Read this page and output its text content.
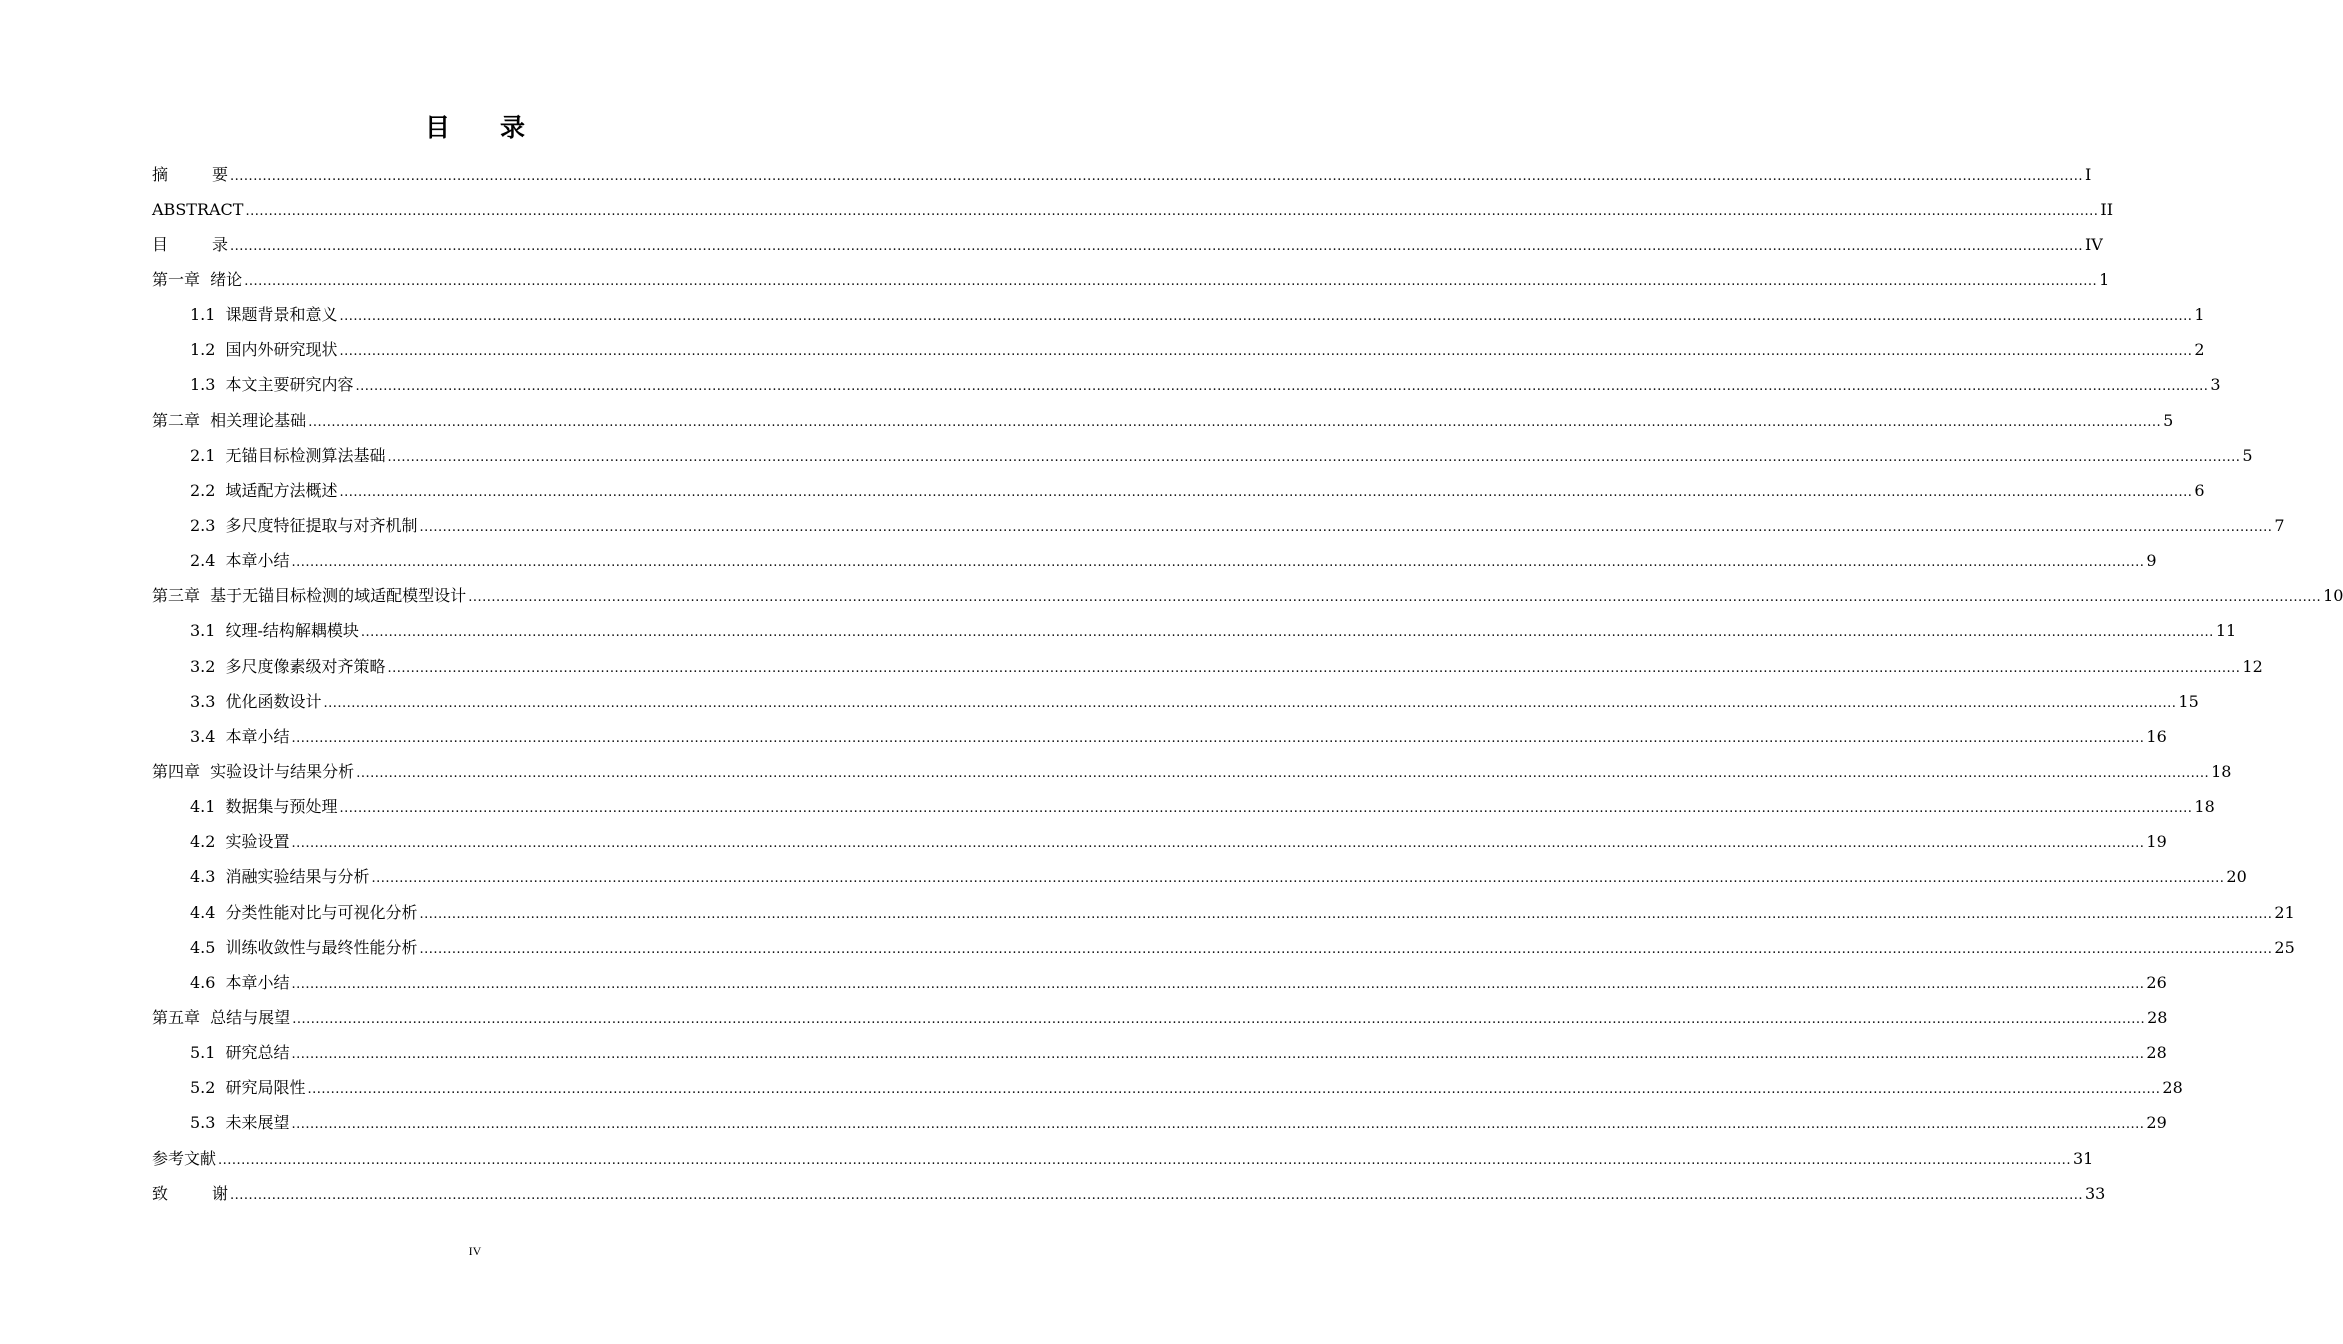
目 录
摘	要 ................................................................................................................................................................................................................................................................................................................................................................................................................ I
ABSTRACT ................................................................................................................................................................................................................................................................................................................................................................................................................ II
目	录 ................................................................................................................................................................................................................................................................................................................................................................................................................ IV
第一章  绪论 ................................................................................................................................................................................................................................................................................................................................................................................................................ 1
1.1 课题背景和意义 ................................................................................................................................................................................................................................................................................................................................................................................................................ 1
1.2 国内外研究现状 ................................................................................................................................................................................................................................................................................................................................................................................................................ 2
1.3 本文主要研究内容 ................................................................................................................................................................................................................................................................................................................................................................................................................ 3
第二章  相关理论基础 ................................................................................................................................................................................................................................................................................................................................................................................................................ 5
2.1 无锚目标检测算法基础 ................................................................................................................................................................................................................................................................................................................................................................................................................ 5
2.2 域适配方法概述 ................................................................................................................................................................................................................................................................................................................................................................................................................ 6
2.3 多尺度特征提取与对齐机制 ................................................................................................................................................................................................................................................................................................................................................................................................................ 7
2.4 本章小结 ................................................................................................................................................................................................................................................................................................................................................................................................................ 9
第三章  基于无锚目标检测的域适配模型设计 ................................................................................................................................................................................................................................................................................................................................................................................................................ 10
3.1 纹理-结构解耦模块 ................................................................................................................................................................................................................................................................................................................................................................................................................ 11
3.2 多尺度像素级对齐策略 ................................................................................................................................................................................................................................................................................................................................................................................................................ 12
3.3 优化函数设计 ................................................................................................................................................................................................................................................................................................................................................................................................................ 15
3.4 本章小结 ................................................................................................................................................................................................................................................................................................................................................................................................................ 16
第四章  实验设计与结果分析 ................................................................................................................................................................................................................................................................................................................................................................................................................ 18
4.1 数据集与预处理 ................................................................................................................................................................................................................................................................................................................................................................................................................ 18
4.2 实验设置 ................................................................................................................................................................................................................................................................................................................................................................................................................ 19
4.3 消融实验结果与分析 ................................................................................................................................................................................................................................................................................................................................................................................................................ 20
4.4 分类性能对比与可视化分析 ................................................................................................................................................................................................................................................................................................................................................................................................................ 21
4.5 训练收敛性与最终性能分析 ................................................................................................................................................................................................................................................................................................................................................................................................................ 25
4.6 本章小结 ................................................................................................................................................................................................................................................................................................................................................................................................................ 26
第五章  总结与展望 ................................................................................................................................................................................................................................................................................................................................................................................................................ 28
5.1 研究总结 ................................................................................................................................................................................................................................................................................................................................................................................................................ 28
5.2 研究局限性 ................................................................................................................................................................................................................................................................................................................................................................................................................ 28
5.3 未来展望 ................................................................................................................................................................................................................................................................................................................................................................................................................ 29
参考文献 ................................................................................................................................................................................................................................................................................................................................................................................................................ 31
致	谢 ................................................................................................................................................................................................................................................................................................................................................................................................................ 33
IV
